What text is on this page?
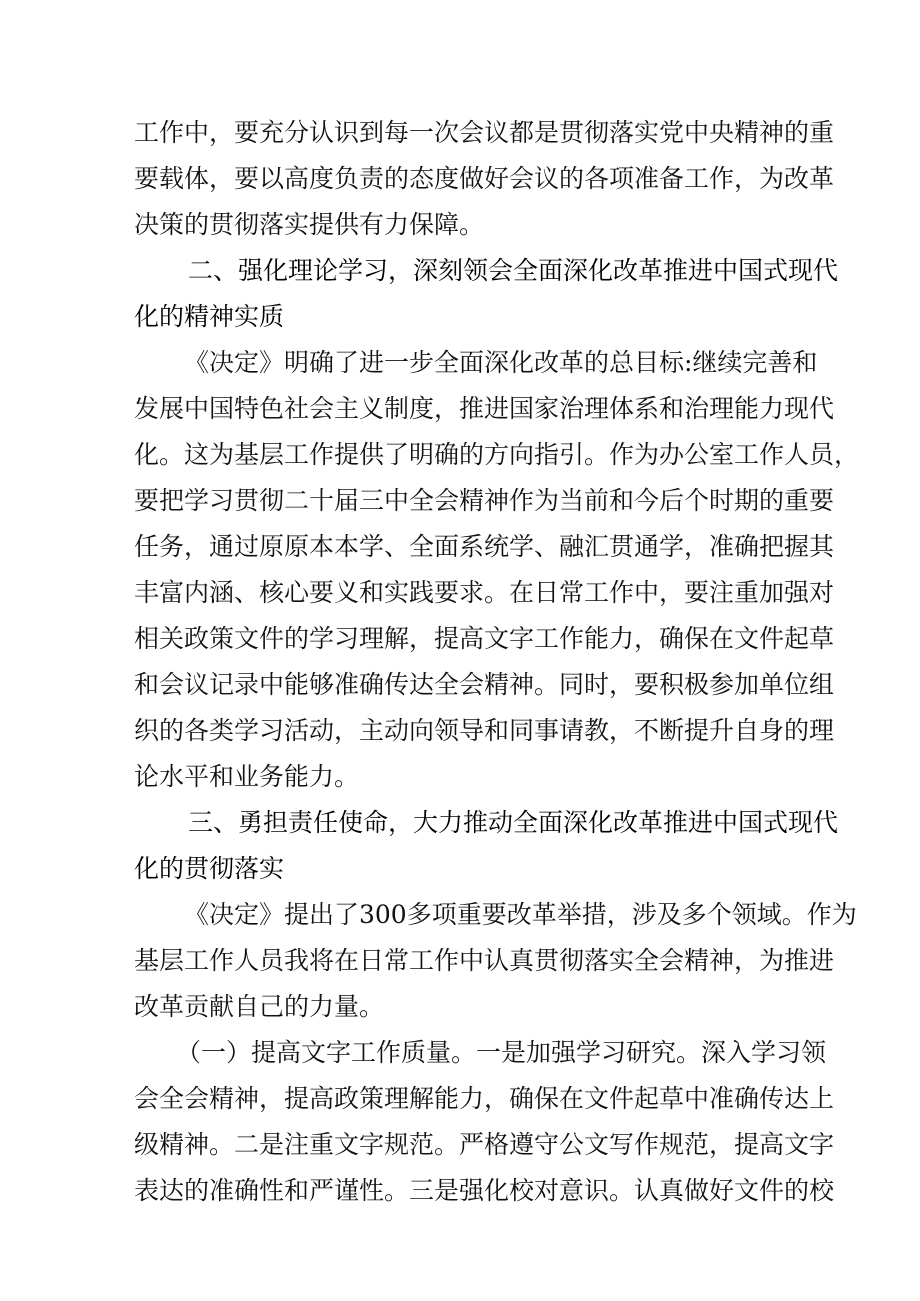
工作中，要充分认识到每一次会议都是贯彻落实党中央精神的重
要载体，要以高度负责的态度做好会议的各项准备工作，为改革
决策的贯彻落实提供有力保障。
二、强化理论学习，深刻领会全面深化改革推进中国式现代
化的精神实质
《决定》明确了进一步全面深化改革的总目标:继续完善和
发展中国特色社会主义制度，推进国家治理体系和治理能力现代
化。这为基层工作提供了明确的方向指引。作为办公室工作人员，
要把学习贯彻二十届三中全会精神作为当前和今后个时期的重要
任务，通过原原本本学、全面系统学、融汇贯通学，准确把握其
丰富内涵、核心要义和实践要求。在日常工作中，要注重加强对
相关政策文件的学习理解，提高文字工作能力，确保在文件起草
和会议记录中能够准确传达全会精神。同时，要积极参加单位组
织的各类学习活动，主动向领导和同事请教，不断提升自身的理
论水平和业务能力。
三、勇担责任使命，大力推动全面深化改革推进中国式现代
化的贯彻落实
《决定》提出了300多项重要改革举措，涉及多个领域。作为
基层工作人员我将在日常工作中认真贯彻落实全会精神，为推进
改革贡献自己的力量。
（一）提高文字工作质量。一是加强学习研究。深入学习领
会全会精神，提高政策理解能力，确保在文件起草中准确传达上
级精神。二是注重文字规范。严格遵守公文写作规范，提高文字
表达的准确性和严谨性。三是强化校对意识。认真做好文件的校
